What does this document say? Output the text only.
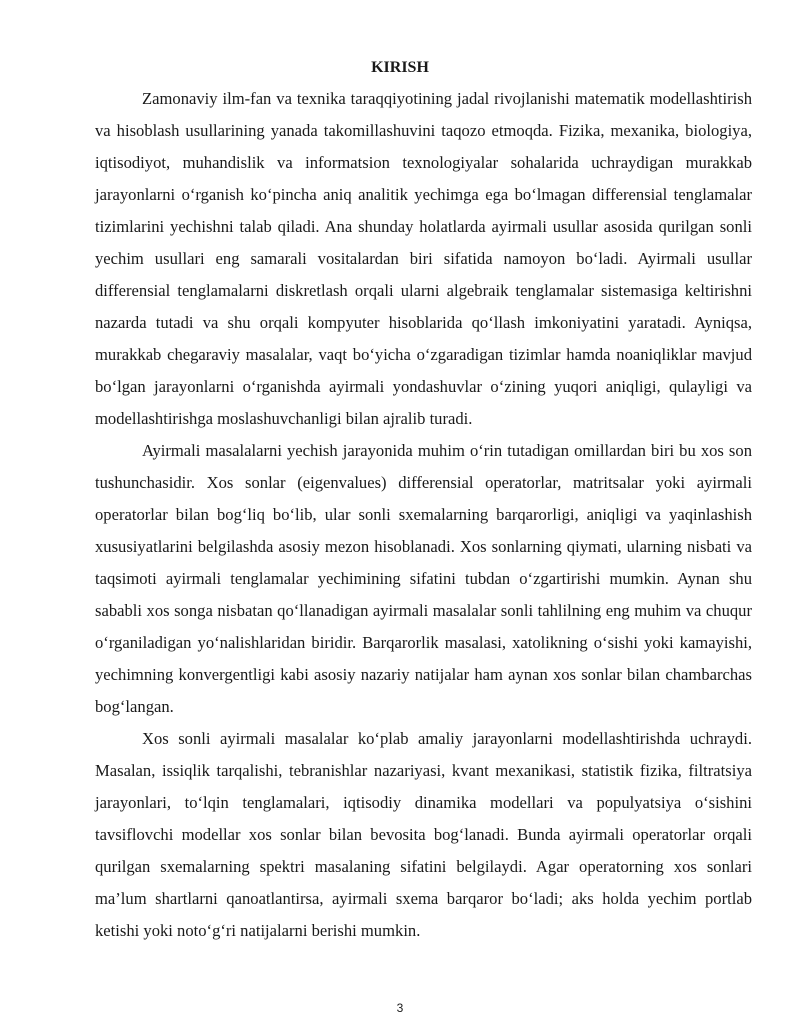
KIRISH

Zamonaviy ilm-fan va texnika taraqqiyotining jadal rivojlanishi matematik modellashtirish va hisoblash usullarining yanada takomillashuvini taqozo etmoqda. Fizika, mexanika, biologiya, iqtisodiyot, muhandislik va informatsion texnologiyalar sohalarida uchraydigan murakkab jarayonlarni o‘rganish ko‘pincha aniq analitik yechimga ega bo‘lmagan differensial tenglamalar tizimlarini yechishni talab qiladi. Ana shunday holatlarda ayirmali usullar asosida qurilgan sonli yechim usullari eng samarali vositalardan biri sifatida namoyon bo‘ladi. Ayirmali usullar differensial tenglamalarni diskretlash orqali ularni algebraik tenglamalar sistemasiga keltirishni nazarda tutadi va shu orqali kompyuter hisoblarida qo‘llash imkoniyatini yaratadi. Ayniqsa, murakkab chegaraviy masalalar, vaqt bo‘yicha o‘zgaradigan tizimlar hamda noaniqliklar mavjud bo‘lgan jarayonlarni o‘rganishda ayirmali yondashuvlar o‘zining yuqori aniqligi, qulayligi va modellashtirishga moslashuvchanligi bilan ajralib turadi.

Ayirmali masalalarni yechish jarayonida muhim o‘rin tutadigan omillardan biri bu xos son tushunchasidir. Xos sonlar (eigenvalues) differensial operatorlar, matritsalar yoki ayirmali operatorlar bilan bog‘liq bo‘lib, ular sonli sxemalarning barqarorligi, aniqligi va yaqinlashish xususiyatlarini belgilashda asosiy mezon hisoblanadi. Xos sonlarning qiymati, ularning nisbati va taqsimoti ayirmali tenglamalar yechimining sifatini tubdan o‘zgartirishi mumkin. Aynan shu sababli xos songa nisbatan qo‘llanadigan ayirmali masalalar sonli tahlilning eng muhim va chuqur o‘rganiladigan yo‘nalishlaridan biridir. Barqarorlik masalasi, xatolikning o‘sishi yoki kamayishi, yechimning konvergentligi kabi asosiy nazariy natijalar ham aynan xos sonlar bilan chambarchas bog‘langan.

Xos sonli ayirmali masalalar ko‘plab amaliy jarayonlarni modellashtirishda uchraydi. Masalan, issiqlik tarqalishi, tebranishlar nazariyasi, kvant mexanikasi, statistik fizika, filtratsiya jarayonlari, to‘lqin tenglamalari, iqtisodiy dinamika modellari va populyatsiya o‘sishini tavsiflovchi modellar xos sonlar bilan bevosita bog‘lanadi. Bunda ayirmali operatorlar orqali qurilgan sxemalarning spektri masalaning sifatini belgilaydi. Agar operatorning xos sonlari ma’lum shartlarni qanoatlantirsa, ayirmali sxema barqaror bo‘ladi; aks holda yechim portlab ketishi yoki noto‘g‘ri natijalarni berishi mumkin.

3
